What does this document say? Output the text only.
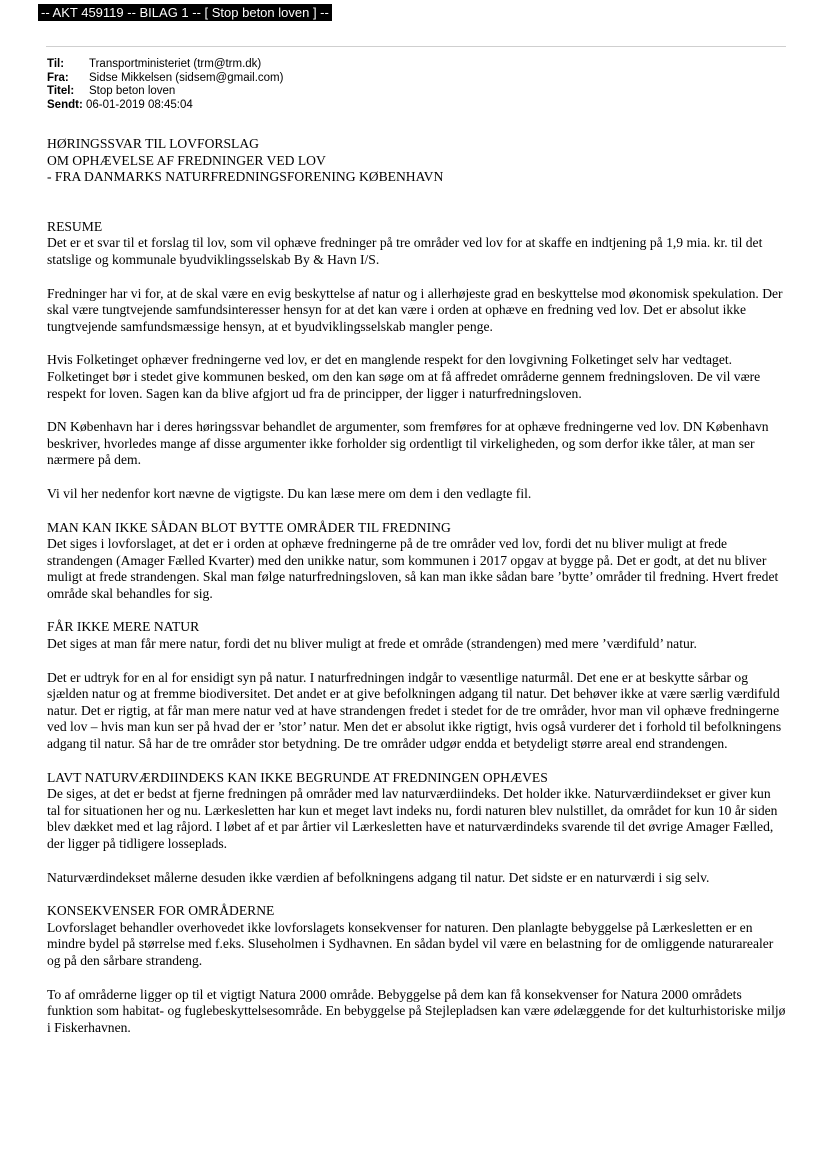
-- AKT 459119 -- BILAG 1 -- [ Stop beton loven ] --
Til: Transportministeriet (trm@trm.dk)
Fra: Sidse Mikkelsen (sidsem@gmail.com)
Titel: Stop beton loven
Sendt: 06-01-2019 08:45:04

HØRINGSSVAR TIL LOVFORSLAG

OM OPHÆVELSE AF FREDNINGER VED LOV

- FRA DANMARKS NATURFREDNINGSFORENING KØBENHAVN

RESUME

Det er et svar til et forslag til lov, som vil ophæve fredninger på tre områder ved lov for at skaffe en indtjening på 1,9 mia. kr. til det statslige og kommunale byudviklingsselskab By & Havn I/S.

Fredninger har vi for, at de skal være en evig beskyttelse af natur og i allerhøjeste grad en beskyttelse mod økonomisk spekulation. Der skal være tungtvejende samfundsinteresser hensyn for at det kan være i orden at ophæve en fredning ved lov. Det er absolut ikke tungtvejende samfundsmæssige hensyn, at et byudviklingsselskab mangler penge.

Hvis Folketinget ophæver fredningerne ved lov, er det en manglende respekt for den lovgivning Folketinget selv har vedtaget. Folketinget bør i stedet give kommunen besked, om den kan søge om at få affredet områderne gennem fredningsloven. De vil være respekt for loven. Sagen kan da blive afgjort ud fra de principper, der ligger i naturfredningsloven.

DN København har i deres høringssvar behandlet de argumenter, som fremføres for at ophæve fredningerne ved lov. DN København beskriver, hvorledes mange af disse argumenter ikke forholder sig ordentligt til virkeligheden, og som derfor ikke tåler, at man ser nærmere på dem.

Vi vil her nedenfor kort nævne de vigtigste. Du kan læse mere om dem i den vedlagte fil.

MAN KAN IKKE SÅDAN BLOT BYTTE OMRÅDER TIL FREDNING

Det siges i lovforslaget, at det er i orden at ophæve fredningerne på de tre områder ved lov, fordi det nu bliver muligt at frede strandengen (Amager Fælled Kvarter) med den unikke natur, som kommunen i 2017 opgav at bygge på. Det er godt, at det nu bliver muligt at frede strandengen. Skal man følge naturfredningsloven, så kan man ikke sådan bare ’bytte’ områder til fredning. Hvert fredet område skal behandles for sig.

FÅR IKKE MERE NATUR

Det siges at man får mere natur, fordi det nu bliver muligt at frede et område (strandengen) med mere ’værdifuld’ natur.

Det er udtryk for en al for ensidigt syn på natur. I naturfredningen indgår to væsentlige naturmål. Det ene er at beskytte sårbar og sjælden natur og at fremme biodiversitet. Det andet er at give befolkningen adgang til natur. Det behøver ikke at være særlig værdifuld natur. Det er rigtig, at får man mere natur ved at have strandengen fredet i stedet for de tre områder, hvor man vil ophæve fredningerne ved lov – hvis man kun ser på hvad der er ’stor’ natur. Men det er absolut ikke rigtigt, hvis også vurderer det i forhold til befolkningens adgang til natur. Så har de tre områder stor betydning. De tre områder udgør endda et betydeligt større areal end strandengen.

LAVT NATURVÆRDIINDEKS KAN IKKE BEGRUNDE AT FREDNINGEN OPHÆVES

De siges, at det er bedst at fjerne fredningen på områder med lav naturværdiindeks. Det holder ikke. Naturværdiindekset er giver kun tal for situationen her og nu. Lærkesletten har kun et meget lavt indeks nu, fordi naturen blev nulstillet, da området for kun 10 år siden blev dækket med et lag råjord. I løbet af et par årtier vil Lærkesletten have et naturværdindeks svarende til det øvrige Amager Fælled, der ligger på tidligere losseplads.

Naturværdindekset målerne desuden ikke værdien af befolkningens adgang til natur. Det sidste er en naturværdi i sig selv.

KONSEKVENSER FOR OMRÅDERNE

Lovforslaget behandler overhovedet ikke lovforslagets konsekvenser for naturen. Den planlagte bebyggelse på Lærkesletten er en mindre bydel på størrelse med f.eks. Sluseholmen i Sydhavnen. En sådan bydel vil være en belastning for de omliggende naturarealer og på den sårbare strandeng.

To af områderne ligger op til et vigtigt Natura 2000 område. Bebyggelse på dem kan få konsekvenser for Natura 2000 områdets funktion som habitat- og fuglebeskyttelsesområde. En bebyggelse på Stejlepladsen kan være ødelæggende for det kulturhistoriske miljø i Fiskerhavnen.
